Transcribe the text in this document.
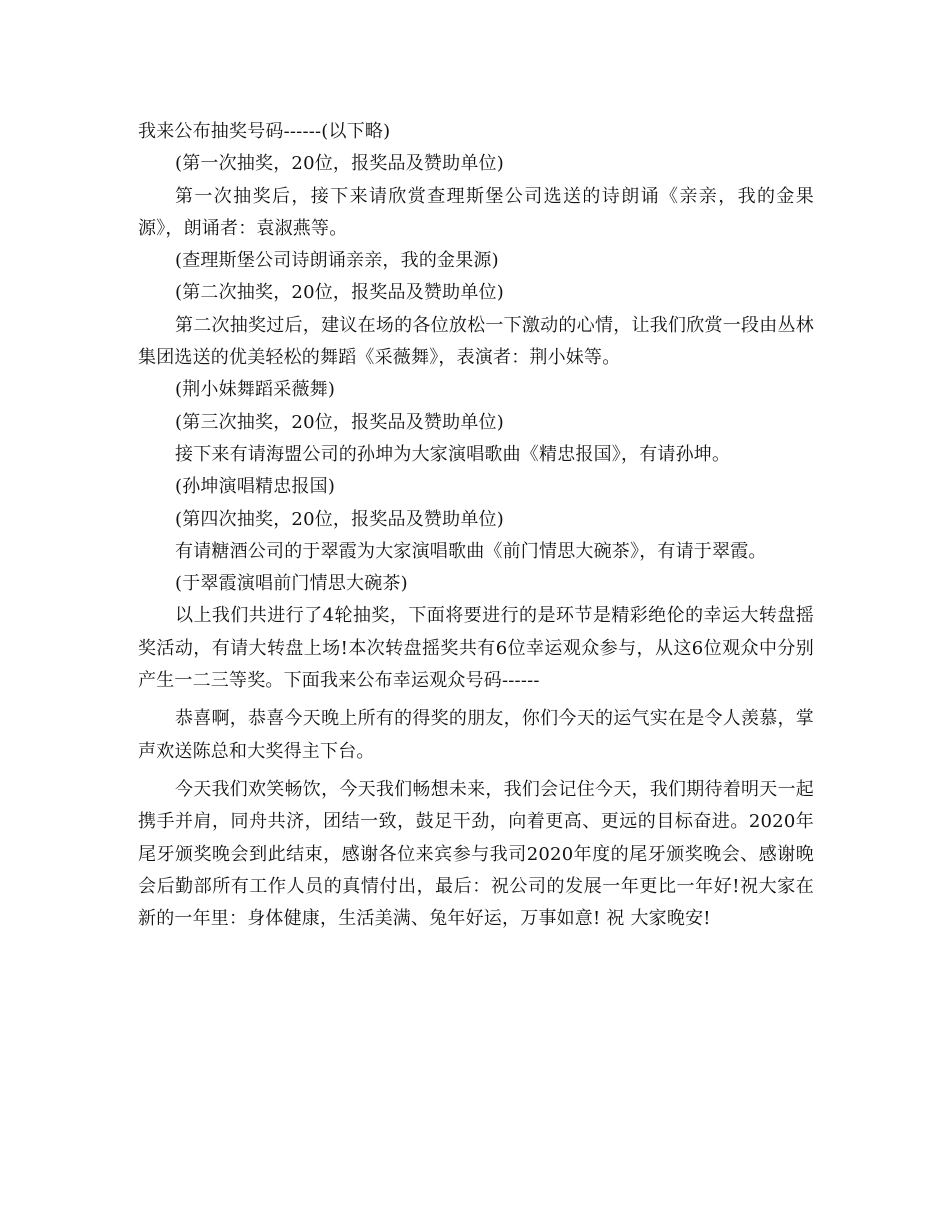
我来公布抽奖号码------(以下略)

(第一次抽奖，20位，报奖品及赞助单位)

第一次抽奖后，接下来请欣赏查理斯堡公司选送的诗朗诵《亲亲，我的金果源》，朗诵者：袁淑燕等。

(查理斯堡公司诗朗诵亲亲，我的金果源)

(第二次抽奖，20位，报奖品及赞助单位)

第二次抽奖过后，建议在场的各位放松一下激动的心情，让我们欣赏一段由丛林集团选送的优美轻松的舞蹈《采薇舞》，表演者：荆小妹等。

(荆小妹舞蹈采薇舞)

(第三次抽奖，20位，报奖品及赞助单位)

接下来有请海盟公司的孙坤为大家演唱歌曲《精忠报国》，有请孙坤。

(孙坤演唱精忠报国)

(第四次抽奖，20位，报奖品及赞助单位)

有请糖酒公司的于翠霞为大家演唱歌曲《前门情思大碗茶》，有请于翠霞。

(于翠霞演唱前门情思大碗茶)

以上我们共进行了4轮抽奖，下面将要进行的是环节是精彩绝伦的幸运大转盘摇奖活动，有请大转盘上场!本次转盘摇奖共有6位幸运观众参与，从这6位观众中分别产生一二三等奖。下面我来公布幸运观众号码------

恭喜啊，恭喜今天晚上所有的得奖的朋友，你们今天的运气实在是令人羡慕，掌声欢送陈总和大奖得主下台。

今天我们欢笑畅饮，今天我们畅想未来，我们会记住今天，我们期待着明天一起携手并肩，同舟共济，团结一致，鼓足干劲，向着更高、更远的目标奋进。2020年尾牙颁奖晚会到此结束，感谢各位来宾参与我司2020年度的尾牙颁奖晚会、感谢晚会后勤部所有工作人员的真情付出，最后：祝公司的发展一年更比一年好!祝大家在新的一年里：身体健康，生活美满、兔年好运，万事如意! 祝 大家晚安!
